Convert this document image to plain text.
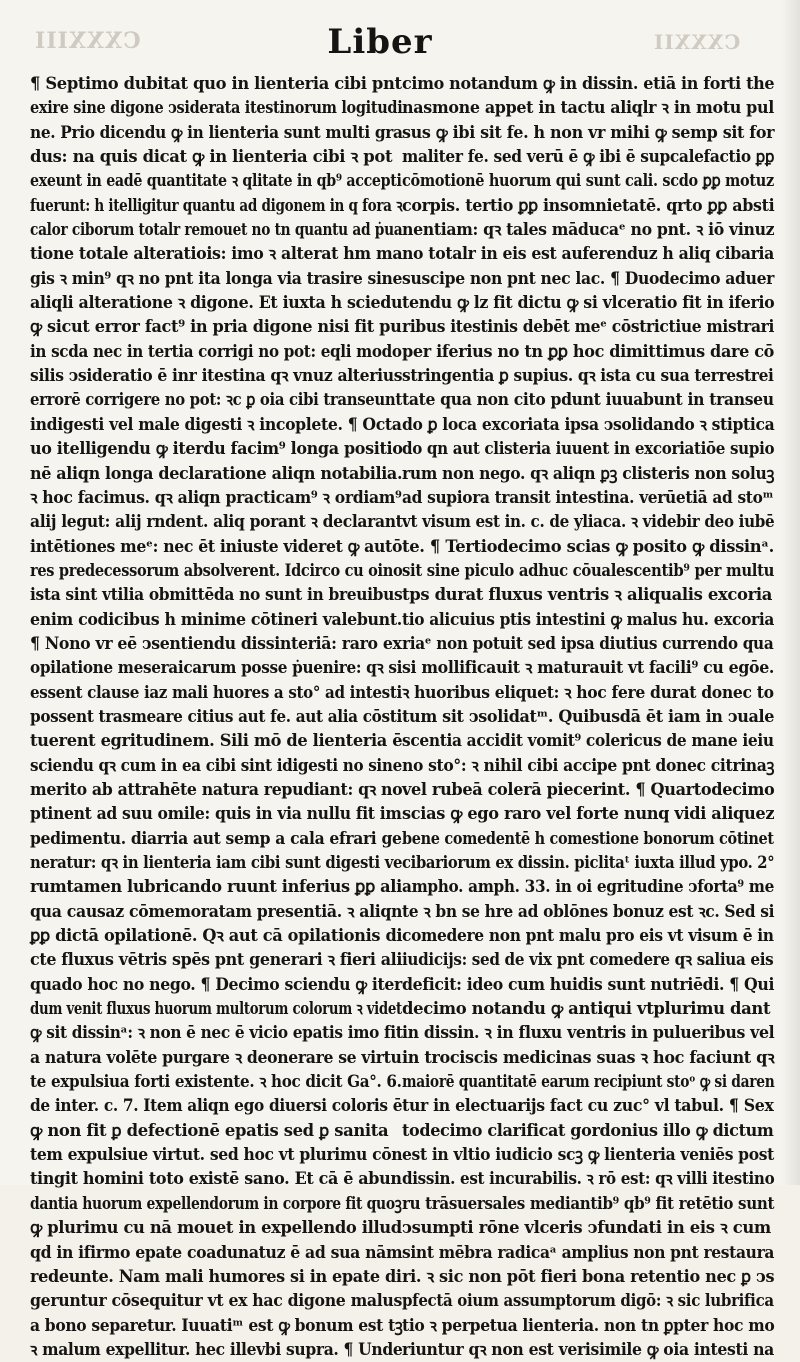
CXXXIII	CXXXII
Liber
¶ Septimo dubitat quo in lienteria cibi pnt
exire sine digone ↄsiderata itestinorum logitudi
ne. Prio dicendu ꝙ in lienteria sunt multi gra
dus: na quis dicat ꝙ in lienteria cibi ꝛ pot
exeunt in eadē quantitate ꝛ qlitate in qb⁹ accepti
fuerunt: h itelligitur quantu ad digonem in q fora ꝛ
calor ciborum totalr remouet no tn quantu ad ṗua
tione totale alteratiois: imo ꝛ alterat hm ma
gis ꝛ min⁹ qꝛ no pnt ita longa via trasire sine
aliqli alteratione ꝛ digone. Et iuxta h sciedu
ꝙ sicut error fact⁹ in pria digone nisi fit pu
in scda nec in tertia corrigi no pot: eqli modo
silis ↄsideratio ē inr itestina qꝛ vnuz alterius
errorē corrigere no pot: ꝛc ꝑ oia cibi transeunt
indigesti vel male digesti ꝛ incoplete. ¶ Octa
uo itelligendu ꝙ iterdu facim⁹ longa positio
nē aliqn longa declaratione aliqn notabilia.
ꝛ hoc facimus. qꝛ aliqn practicam⁹ ꝛ ordiam⁹
alij legut: alij rndent. aliq porant ꝛ declarant
intētiones meᵉ: nec ēt iniuste videret ꝙ autō
res predecessorum absolverent. Idcirco cu oino
ista sint vtilia obmittēda no sunt in breuibus
enim codicibus h minime cōtineri valebunt.
¶ Nono vr eē ↄsentiendu dissinteriā: raro ex
opilatione meseraicarum posse ṗuenire: qꝛ si
essent clause iaz mali huores a sto° ad intesti
possent trasmeare citius aut fe. aut alia cōsti
tuerent egritudinem. Sili mō de lienteria ē
sciendu qꝛ cum in ea cibi sint idigesti no sine
merito ab attrahēte natura repudiant: qꝛ no
ptinent ad suu omile: quis in via nullu fit im
pedimentu. diarria aut semp a cala efrari ge
neratur: qꝛ in lienteria iam cibi sunt digesti ve
rumtamen lubricando ruunt inferius ꝑꝑ ali
qua causaz cōmemoratam presentiā. ꝛ aliqn
ꝑꝑ dictā opilationē. Qꝛ aut cā opilationis di
cte fluxus vētris spēs pnt generari ꝛ fieri ali
quado hoc no nego. ¶ Decimo sciendu ꝙ iter
dum venit fluxus huorum multorum colorum ꝛ videt
ꝙ sit dissinᵃ: ꝛ non ē nec ē vicio epatis imo fit
a natura volēte purgare ꝛ deonerare se virtu
te expulsiua forti existente. ꝛ hoc dicit Ga°. 6.
de inter. c. 7. Item aliqn ego diuersi coloris ē
ꝙ non fit ꝑ defectionē epatis sed ꝑ sanita
tem expulsiue virtut. sed hoc vt plurimu cōn
tingit homini toto existē sano. Et cā ē abun
dantia huorum expellendorum in corpore fit quoꝫ
ꝙ plurimu cu nā mouet in expellendo illud
qd in ifirmo epate coadunatuz ē ad sua nām
redeunte. Nam mali humores si in epate di
geruntur cōsequitur vt ex hac digone malus
a bono separetur. Iuuatiᵐ est ꝙ bonum est tꝫ
ꝛ malum expellitur. hec illevbi supra. ¶ Unde
cimo notandum ꝙ in dissin. etiā in forti the
nasmone appet in tactu aliqlr ꝛ in motu pul
sus ꝙ ibi sit fe. h non vr mihi ꝙ semp sit for
maliter fe. sed verū ē ꝙ ibi ē supcalefactio ꝑꝑ
cōmotionē huorum qui sunt cali. scdo ꝑꝑ motuz
corpis. tertio ꝑꝑ insomnietatē. qrto ꝑꝑ absti
nentiam: qꝛ tales māducaᵉ no pnt. ꝛ iō vinuz
no totalr in eis est auferenduz h aliq cibaria
suscipe non pnt nec lac. ¶ Duodecimo aduer
tendu ꝙ lz fit dictu ꝙ si vlceratio fit in iferio
ribus itestinis debēt meᵉ cōstrictiue mistrari
per iferius no tn ꝑꝑ hoc dimittimus dare cō
stringentia ꝑ supius. qꝛ ista cu sua terrestrei
tate qua non cito pdunt iuuabunt in transeu
do ꝑ loca excoriata ipsa ↄsolidando ꝛ stiptica
do qn aut clisteria iuuent in excoriatiōe supio
rum non nego. qꝛ aliqn ꝑꝫ clisteris non soluꝫ
ad supiora transit intestina. verūetiā ad stoᵐ
vt visum est in. c. de yliaca. ꝛ videbir deo iubē
te. ¶ Tertiodecimo scias ꝙ posito ꝙ dissinᵃ.
sit sine piculo adhuc cōualescentib⁹ per multu
tps durat fluxus ventris ꝛ aliqualis excoria
tio alicuius ptis intestini ꝙ malus hu. excoria
riaᵉ non potuit sed ipsa diutius currendo qua
si mollificauit ꝛ maturauit vt facili⁹ cu egōe.
ꝛ huoribus eliquet: ꝛ hoc fere durat donec to
tum sit ↄsolidatᵐ. Quibusdā ēt iam in ↄuale
scentia accidit vomit⁹ colericus de mane ieiu
no sto°: ꝛ nihil cibi accipe pnt donec citrinaꝫ
vel rubeā colerā piecerint. ¶ Quartodecimo
scias ꝙ ego raro vel forte nunq vidi aliquez
bene comedentē h comestione bonorum cōtinet
cibariorum ex dissin. piclitaᵗ iuxta illud ypo. 2°
ampho. amph. 33. in oi egritudine ↄforta⁹ me
te ꝛ bn se hre ad oblōnes bonuz est ꝛc. Sed si
comedere non pnt malu pro eis vt visum ē in
iudicijs: sed de vix pnt comedere qꝛ saliua eis
deficit: ideo cum huidis sunt nutriēdi. ¶ Qui
decimo notandu ꝙ antiqui vtplurimu dant
in dissin. ꝛ in fluxu ventris in pulueribus vel
in trociscis medicinas suas ꝛ hoc faciunt qꝛ
maiorē quantitatē earum recipiunt stoᵒ ꝙ si daren
tur in electuarijs fact cu zuc° vl tabul. ¶ Sex
todecimo clarificat gordonius illo ꝙ dictum
est in vltio iudicio scꝫ ꝙ lienteria veniēs post
dissin. est incurabilis. ꝛ rō est: qꝛ villi itestino
ru trāsuersales mediantib⁹ qb⁹ fit retētio sunt
ↄsumpti rōne vlceris ↄfundati in eis ꝛ cum
sint mēbra radicaᵃ amplius non pnt restaura
ri. ꝛ sic non pōt fieri bona retentio nec ꝑ ↄs
pfectā oium assumptorum digō: ꝛ sic lubrifica
tio ꝛ perpetua lienteria. non tn ꝑpter hoc mo
riuntur qꝛ non est verisimile ꝙ oia intesti na
